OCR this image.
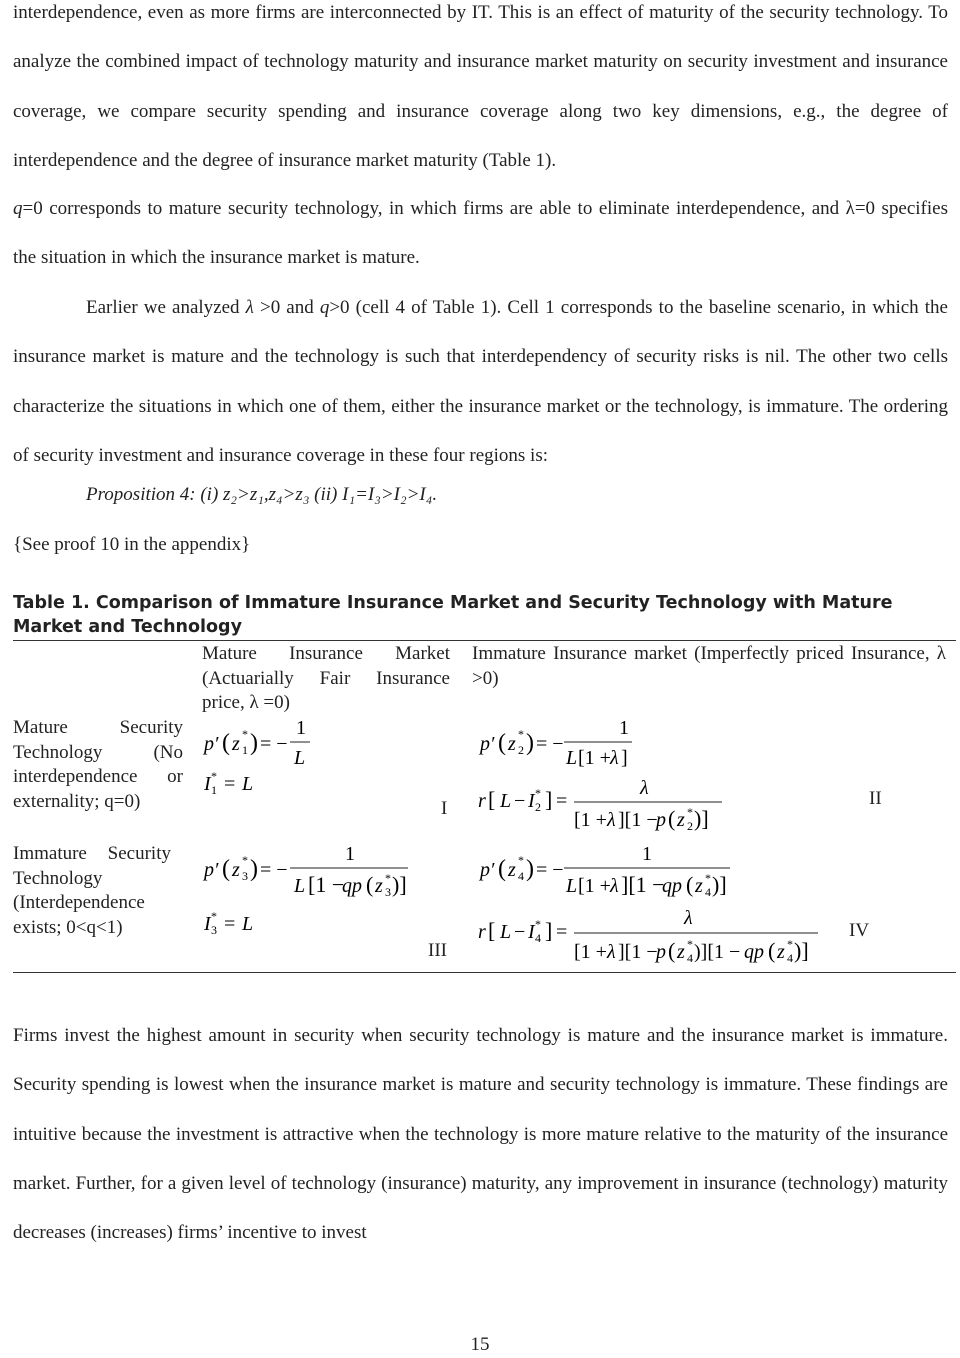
interdependence, even as more firms are interconnected by IT. This is an effect of maturity of the security technology. To analyze the combined impact of technology maturity and insurance market maturity on security investment and insurance coverage, we compare security spending and insurance coverage along two key dimensions, e.g., the degree of interdependence and the degree of insurance market maturity (Table 1).

q=0 corresponds to mature security technology, in which firms are able to eliminate interdependence, and λ=0 specifies the situation in which the insurance market is mature.

Earlier we analyzed λ >0 and q>0 (cell 4 of Table 1). Cell 1 corresponds to the baseline scenario, in which the insurance market is mature and the technology is such that interdependency of security risks is nil. The other two cells characterize the situations in which one of them, either the insurance market or the technology, is immature. The ordering of security investment and insurance coverage in these four regions is:

Proposition 4: (i) z₂>z₁,z₄>z₃ (ii) I₁=I₃>I₂>I₄.
{See proof 10 in the appendix}
Table 1. Comparison of Immature Insurance Market and Security Technology with Mature Market and Technology
Mature Insurance Market (Actuarially Fair Insurance price, λ =0)
Immature Insurance market (Imperfectly priced Insurance, λ >0)
Mature Security Technology (No interdependence or externality; q=0)
Immature Security Technology (Interdependence exists; 0<q<1)
p′ ( z 1
* ) = −
1
L
I 1
* = L
I
p′ ( z 2
* ) = −
1
L [1 + λ ]
r [ L − I 2
* ] =
λ
[1 + λ ][1 −
p ( z 2
* )]
II
p′ ( z 3
* ) = −
1
L [1 −
qp ( z 3
* )]
I 3
* = L
III
p′ ( z 4
* ) = −
1
L [1 + λ ][1 −
qp ( z 4
* )]
r [ L − I 4
* ] =
λ
[1 + λ ][1 −
p ( z 4
* )][1 − qp ( z 4
* )]
IV

Firms invest the highest amount in security when security technology is mature and the insurance market is immature. Security spending is lowest when the insurance market is mature and security technology is immature. These findings are intuitive because the investment is attractive when the technology is more mature relative to the maturity of the insurance market. Further, for a given level of technology (insurance) maturity, any improvement in insurance (technology) maturity decreases (increases) firms’ incentive to invest

15
